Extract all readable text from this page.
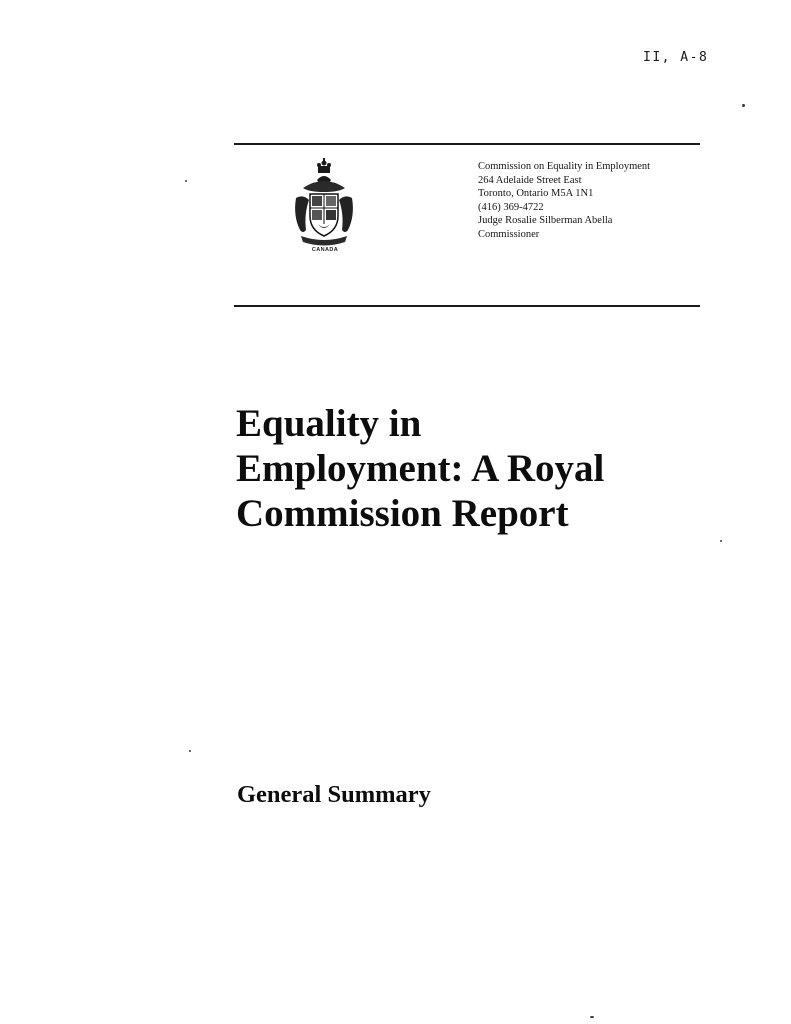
II, A-8
CANADA
Commission on Equality in Employment
264 Adelaide Street East
Toronto, Ontario M5A 1N1
(416) 369-4722
Judge Rosalie Silberman Abella
Commissioner
Equality in
Employment: A Royal
Commission Report
General Summary
